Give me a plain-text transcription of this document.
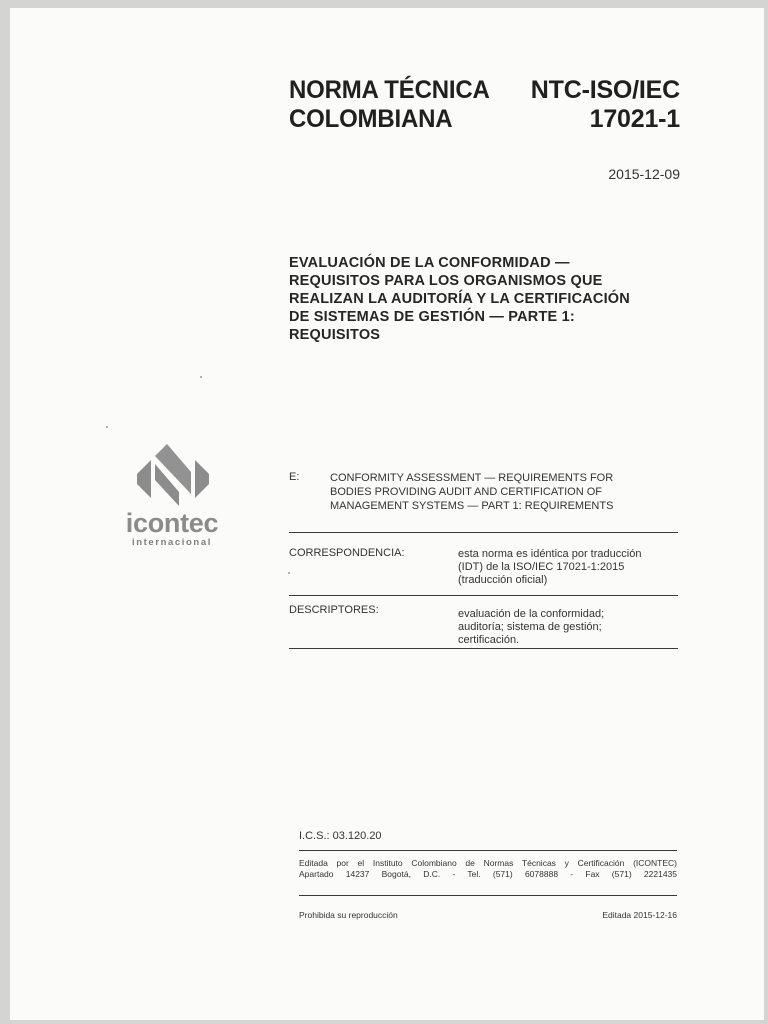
NORMA TÉCNICA
COLOMBIANA
NTC-ISO/IEC
17021-1
2015-12-09
EVALUACIÓN DE LA CONFORMIDAD —
REQUISITOS PARA LOS ORGANISMOS QUE
REALIZAN LA AUDITORÍA Y LA CERTIFICACIÓN
DE SISTEMAS DE GESTIÓN — PARTE 1:
REQUISITOS
icontec
internacional
E:	CONFORMITY ASSESSMENT — REQUIREMENTS FOR
BODIES PROVIDING AUDIT AND CERTIFICATION OF
MANAGEMENT SYSTEMS — PART 1: REQUIREMENTS
CORRESPONDENCIA:	esta norma es idéntica por traducción
(IDT) de la ISO/IEC 17021-1:2015
(traducción oficial)
DESCRIPTORES:	evaluación de la conformidad;
auditoría; sistema de gestión;
certificación.
I.C.S.: 03.120.20
Editada por el Instituto Colombiano de Normas Técnicas y Certificación (ICONTEC)
Apartado 14237 Bogotá, D.C. - Tel. (571) 6078888 - Fax (571) 2221435
Prohibida su reproducción	Editada 2015-12-16
